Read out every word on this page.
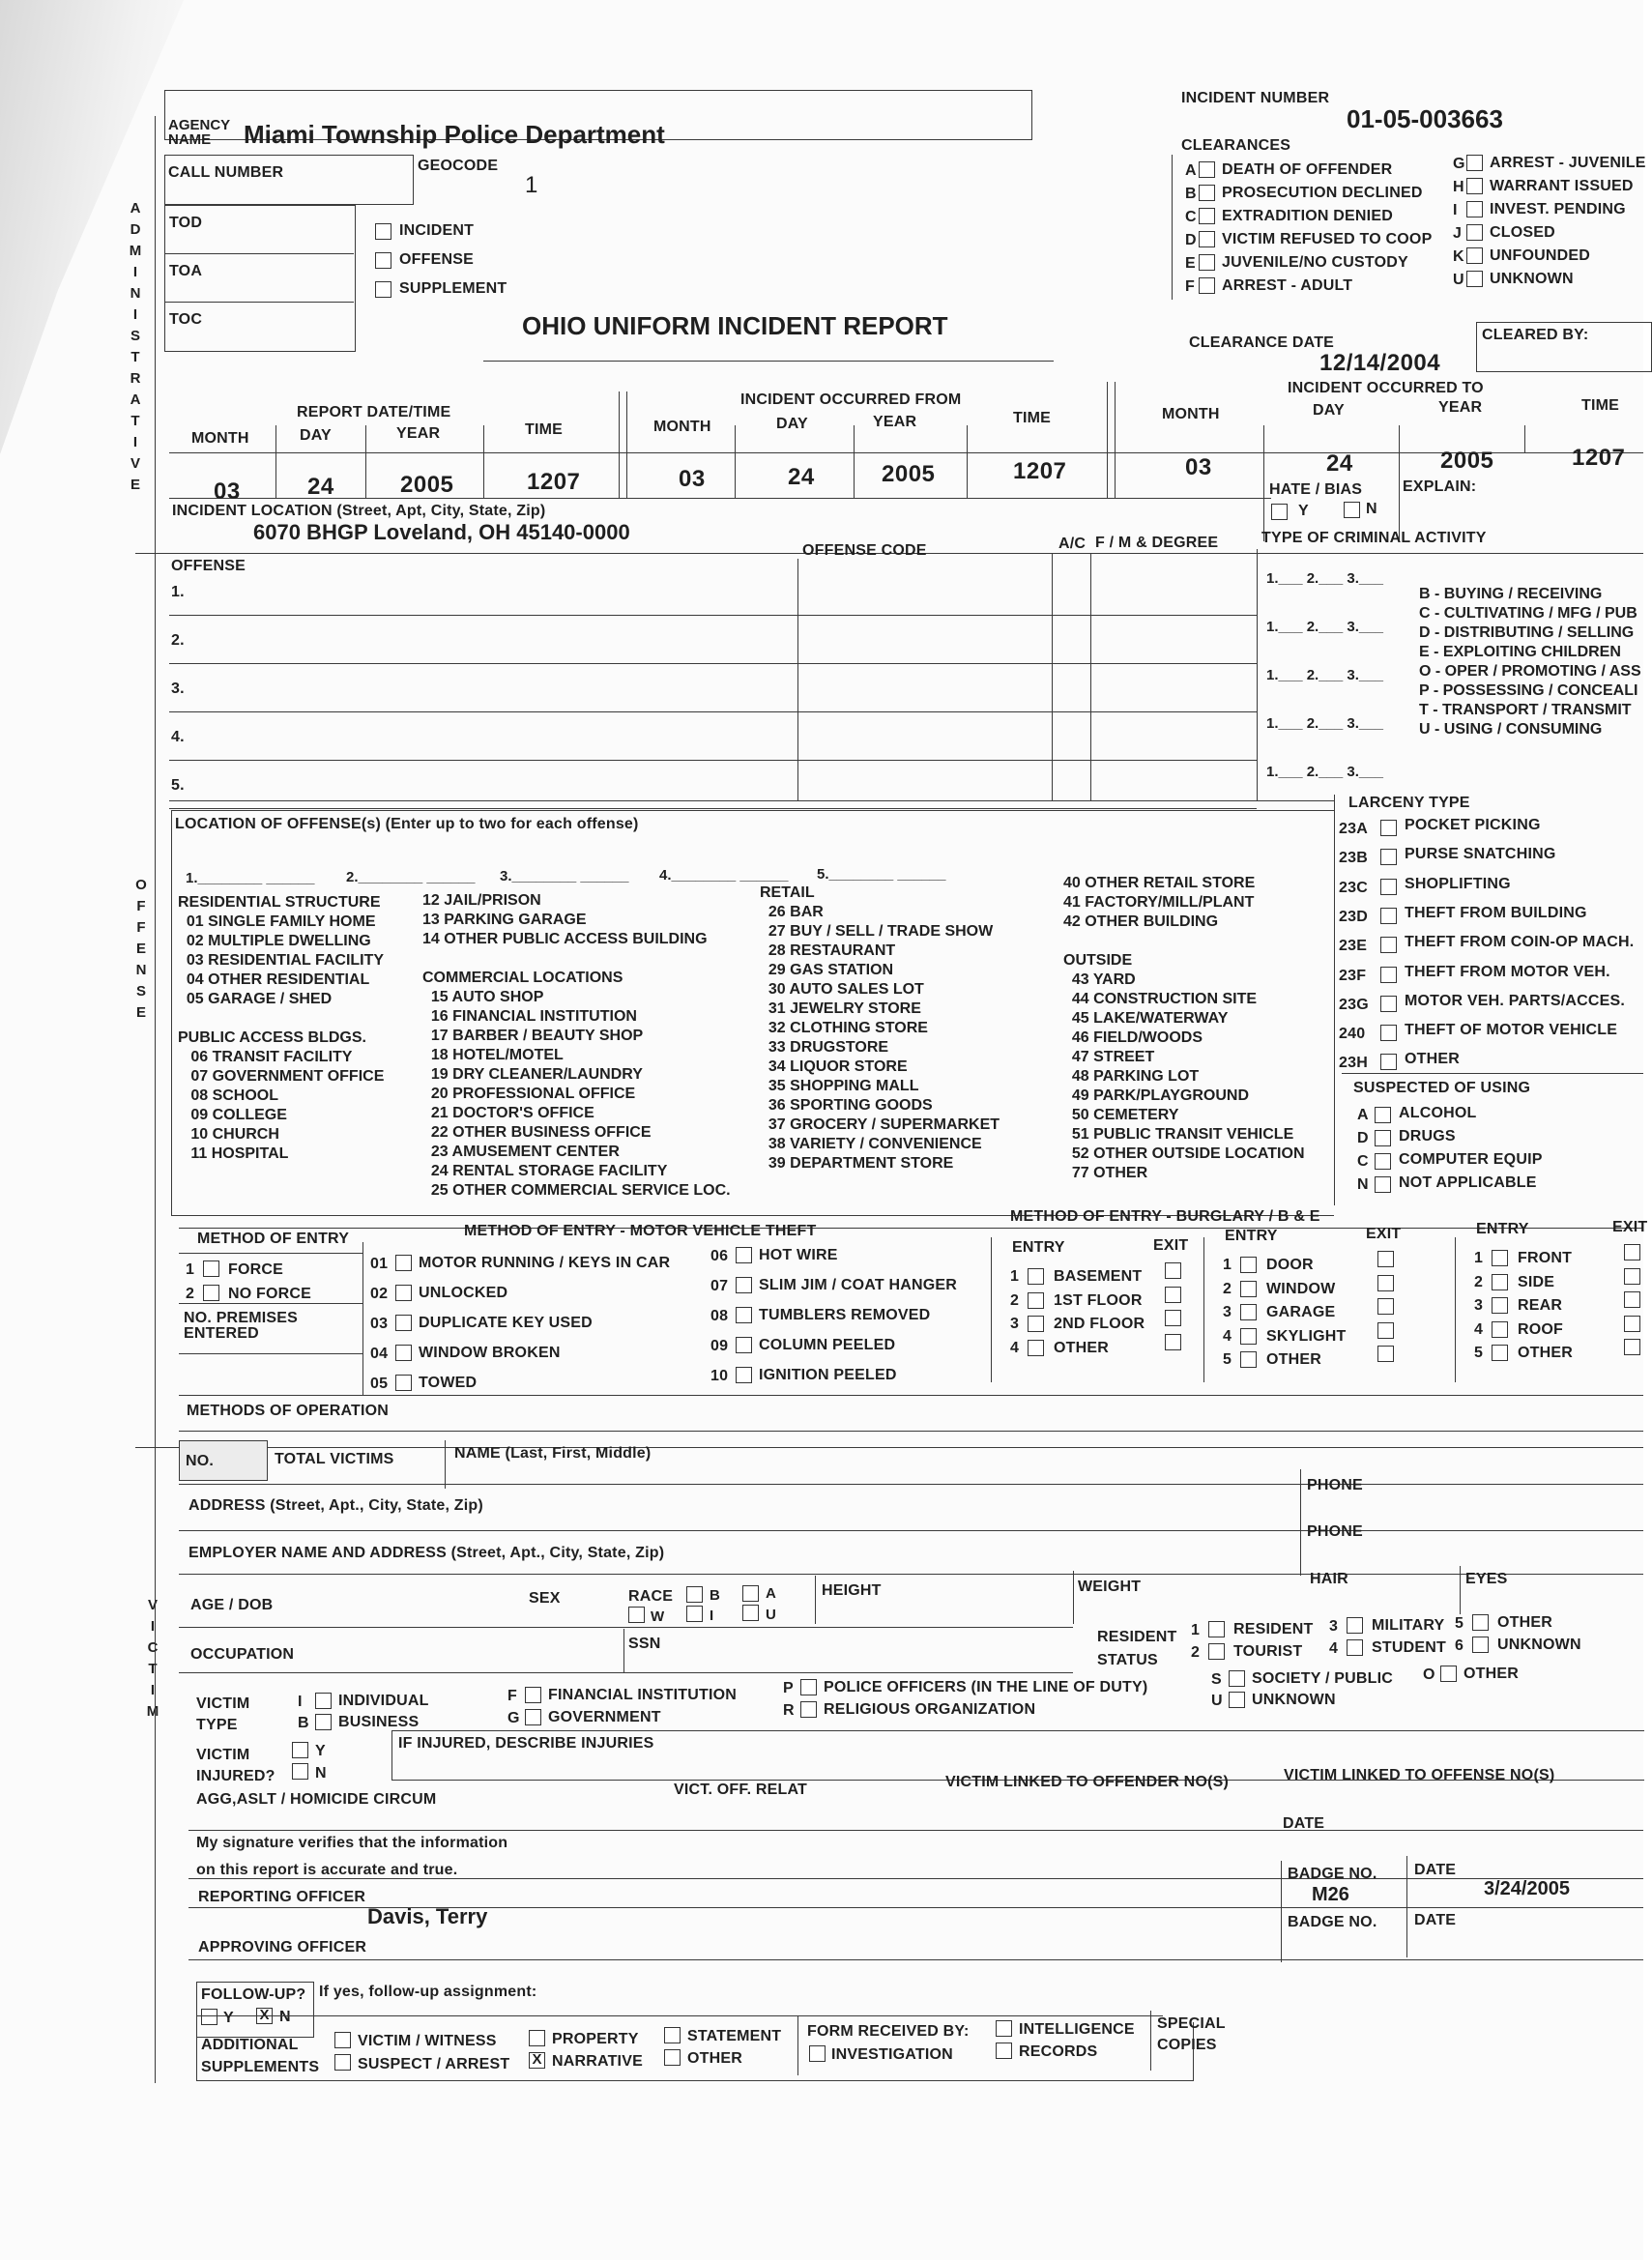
A
D
M
I
N
I
S
T
R
A
T
I
V
E
O
F
F
E
N
S
E
V
I
C
T
I
M
AGENCY NAME	Miami Township Police Department
CALL NUMBER	GEOCODE
1
TOD
TOA
TOC
INCIDENT
OFFENSE
SUPPLEMENT
OHIO UNIFORM INCIDENT REPORT
INCIDENT NUMBER
01-05-003663
CLEARANCES
A DEATH OF OFFENDER
B PROSECUTION DECLINED
C EXTRADITION DENIED
D VICTIM REFUSED TO COOP
E JUVENILE/NO CUSTODY
F ARREST - ADULT
G ARREST - JUVENILE
H WARRANT ISSUED
I INVEST. PENDING
J CLOSED
K UNFOUNDED
U UNKNOWN
CLEARANCE DATE
12/14/2004
CLEARED BY:
REPORT DATE/TIME
MONTH	DAY	YEAR	TIME
03	24	2005	1207
INCIDENT OCCURRED FROM
MONTH	DAY	YEAR	TIME
03	24	2005	1207
INCIDENT OCCURRED TO
MONTH	DAY	YEAR	TIME
03	24	2005	1207
INCIDENT LOCATION (Street, Apt, City, State, Zip)
6070 BHGP Loveland, OH 45140-0000
HATE / BIAS
Y	N
EXPLAIN:
OFFENSE
OFFENSE CODE	A/C F / M & DEGREE	TYPE OF CRIMINAL ACTIVITY
1.
1.___ 2.___ 3.___
2.
1.___ 2.___ 3.___
3.
1.___ 2.___ 3.___
4.
1.___ 2.___ 3.___
5.
1.___ 2.___ 3.___
B - BUYING / RECEIVING
C - CULTIVATING / MFG / PUB
D - DISTRIBUTING / SELLING
E - EXPLOITING CHILDREN
O - OPER / PROMOTING / ASS
P - POSSESSING / CONCEALI
T - TRANSPORT / TRANSMIT
U - USING / CONSUMING
LOCATION OF OFFENSE(s) (Enter up to two for each offense)
1.________ ______ 2.________ ______ 3.________ ______ 4.________ ______ 5.________ ______
RESIDENTIAL STRUCTURE
01 SINGLE FAMILY HOME
02 MULTIPLE DWELLING
03 RESIDENTIAL FACILITY
04 OTHER RESIDENTIAL
05 GARAGE / SHED
PUBLIC ACCESS BLDGS.
06 TRANSIT FACILITY
07 GOVERNMENT OFFICE
08 SCHOOL
09 COLLEGE
10 CHURCH
11 HOSPITAL
12 JAIL/PRISON
13 PARKING GARAGE
14 OTHER PUBLIC ACCESS BUILDING
COMMERCIAL LOCATIONS
15 AUTO SHOP
16 FINANCIAL INSTITUTION
17 BARBER / BEAUTY SHOP
18 HOTEL/MOTEL
19 DRY CLEANER/LAUNDRY
20 PROFESSIONAL OFFICE
21 DOCTOR'S OFFICE
22 OTHER BUSINESS OFFICE
23 AMUSEMENT CENTER
24 RENTAL STORAGE FACILITY
25 OTHER COMMERCIAL SERVICE LOC.
RETAIL
26 BAR
27 BUY / SELL / TRADE SHOW
28 RESTAURANT
29 GAS STATION
30 AUTO SALES LOT
31 JEWELRY STORE
32 CLOTHING STORE
33 DRUGSTORE
34 LIQUOR STORE
35 SHOPPING MALL
36 SPORTING GOODS
37 GROCERY / SUPERMARKET
38 VARIETY / CONVENIENCE
39 DEPARTMENT STORE
40 OTHER RETAIL STORE
41 FACTORY/MILL/PLANT
42 OTHER BUILDING
OUTSIDE
43 YARD
44 CONSTRUCTION SITE
45 LAKE/WATERWAY
46 FIELD/WOODS
47 STREET
48 PARKING LOT
49 PARK/PLAYGROUND
50 CEMETERY
51 PUBLIC TRANSIT VEHICLE
52 OTHER OUTSIDE LOCATION
77 OTHER
LARCENY TYPE
23A POCKET PICKING
23B PURSE SNATCHING
23C SHOPLIFTING
23D THEFT FROM BUILDING
23E THEFT FROM COIN-OP MACH.
23F THEFT FROM MOTOR VEH.
23G MOTOR VEH. PARTS/ACCES.
240	THEFT OF MOTOR VEHICLE
23H OTHER
SUSPECTED OF USING
A ALCOHOL
D DRUGS
C COMPUTER EQUIP
N NOT APPLICABLE
METHOD OF ENTRY
1 FORCE
2 NO FORCE
NO. PREMISES ENTERED
METHOD OF ENTRY - MOTOR VEHICLE THEFT
01 MOTOR RUNNING / KEYS IN CAR
02 UNLOCKED
03 DUPLICATE KEY USED
04 WINDOW BROKEN
05 TOWED
06 HOT WIRE
07 SLIM JIM / COAT HANGER
08 TUMBLERS REMOVED
09 COLUMN PEELED
10 IGNITION PEELED
METHOD OF ENTRY - BURGLARY / B & E
ENTRY	EXIT
1 BASEMENT
2 1ST FLOOR
3 2ND FLOOR
4 OTHER
ENTRY	EXIT
1 DOOR
2 WINDOW
3 GARAGE
4 SKYLIGHT
5 OTHER
ENTRY	EXIT
1 FRONT
2 SIDE
3 REAR
4 ROOF
5 OTHER
METHODS OF OPERATION
NO.	TOTAL VICTIMS	NAME (Last, First, Middle)
PHONE
ADDRESS (Street, Apt., City, State, Zip)
PHONE
EMPLOYER NAME AND ADDRESS (Street, Apt., City, State, Zip)
HAIR	EYES
AGE / DOB	SEX	RACE	B	A
W	I	U
HEIGHT	WEIGHT
OCCUPATION
SSN	RESIDENT STATUS
1 RESIDENT
2 TOURIST
3 MILITARY
4 STUDENT
5 OTHER
6 UNKNOWN
VICTIM TYPE
I INDIVIDUAL
B BUSINESS
F FINANCIAL INSTITUTION
G GOVERNMENT
P POLICE OFFICERS (IN THE LINE OF DUTY)
R RELIGIOUS ORGANIZATION
S SOCIETY / PUBLIC
U UNKNOWN
O OTHER
VICTIM INJURED?
Y
N
IF INJURED, DESCRIBE INJURIES
AGG,ASLT / HOMICIDE CIRCUM
VICT. OFF. RELAT	VICTIM LINKED TO OFFENDER NO(S)	VICTIM LINKED TO OFFENSE NO(S)
My signature verifies that the information
on this report is accurate and true.
DATE
REPORTING OFFICER
Davis, Terry
BADGE NO.
M26
DATE
3/24/2005
BADGE NO. DATE
APPROVING OFFICER
FOLLOW-UP?
Y X N
If yes, follow-up assignment:
ADDITIONAL
SUPPLEMENTS
VICTIM / WITNESS
SUSPECT / ARREST
PROPERTY
X NARRATIVE
STATEMENT
OTHER
FORM RECEIVED BY:
INVESTIGATION
INTELLIGENCE
RECORDS
SPECIAL
COPIES
